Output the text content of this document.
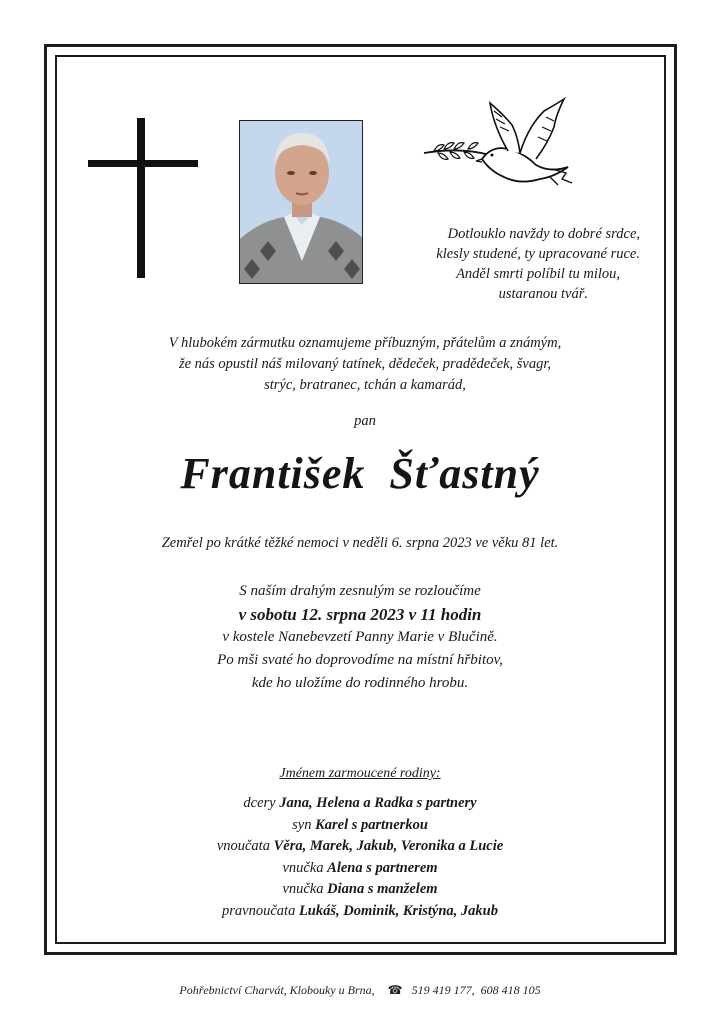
Dotlouklo navždy to dobré srdce,
klesly studené, ty upracované ruce.
Anděl smrti políbil tu milou,
ustaranou tvář.
V hlubokém zármutku oznamujeme příbuzným, přátelům a známým,
že nás opustil náš milovaný tatínek, dědeček, pradědeček, švagr,
strýc, bratranec, tchán a kamarád,
pan
František  Šťastný
Zemřel po krátké těžké nemoci v neděli 6. srpna 2023 ve věku 81 let.
S naším drahým zesnulým se rozloučíme
v sobotu 12. srpna 2023 v 11 hodin
v kostele Nanebevzetí Panny Marie v Blučině.
Po mši svaté ho doprovodíme na místní hřbitov,
kde ho uložíme do rodinného hrobu.
Jménem zarmoucené rodiny:
dcery Jana, Helena a Radka s partnery
syn Karel s partnerkou
vnoučata Věra, Marek, Jakub, Veronika a Lucie
vnučka Alena s partnerem
vnučka Diana s manželem
pravnoučata Lukáš, Dominik, Kristýna, Jakub
Pohřebnictví Charvát, Klobouky u Brna, ☎ 519 419 177,  608 418 105
